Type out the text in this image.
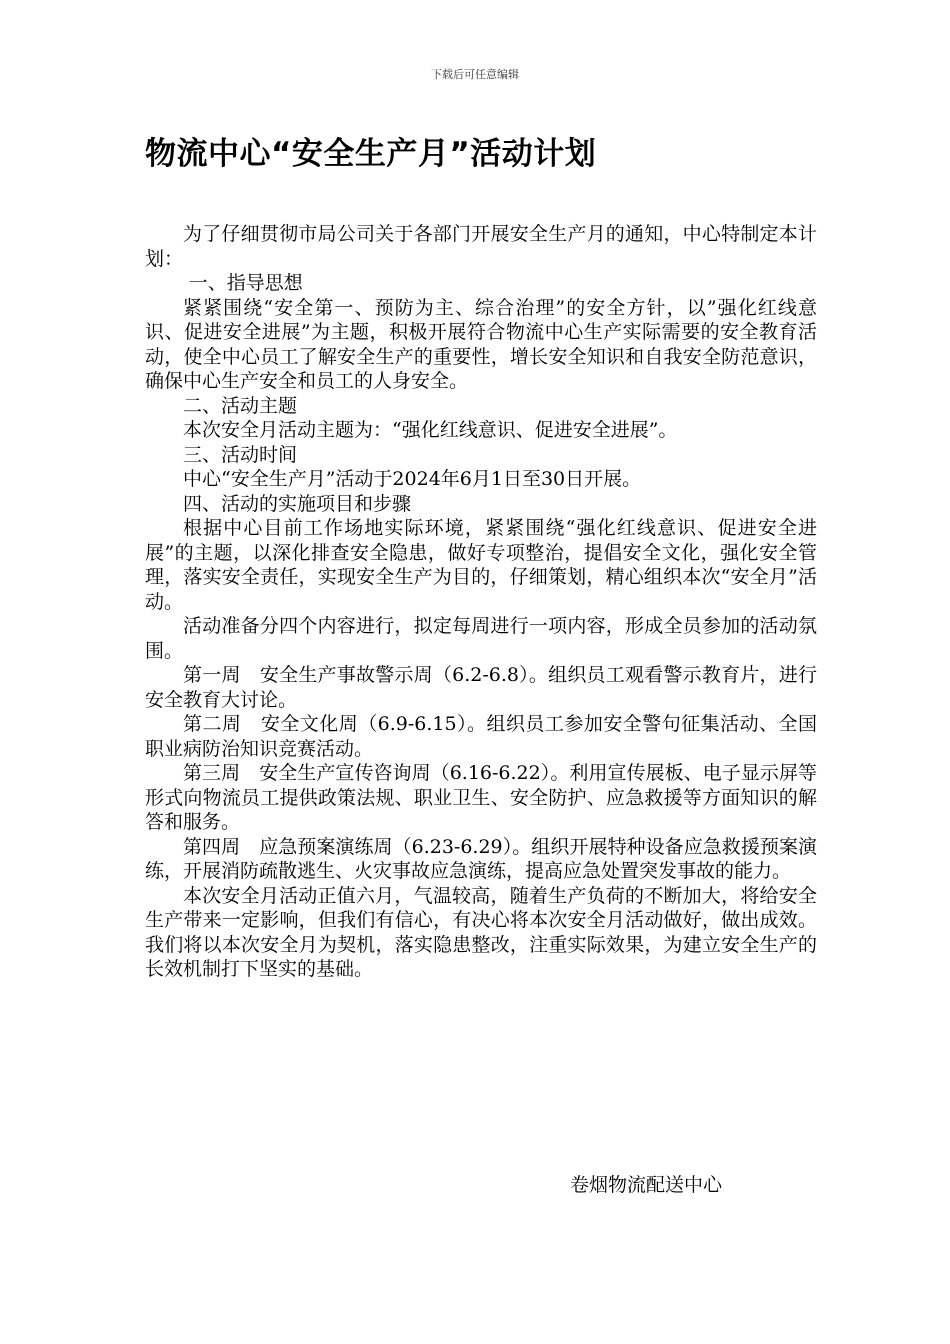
下载后可任意编辑
物流中心“安全生产月”活动计划

为了仔细贯彻市局公司关于各部门开展安全生产月的通知，中心特制定本计划：

一、指导思想

紧紧围绕“安全第一、预防为主、综合治理”的安全方针，以”强化红线意识、促进安全进展”为主题，积极开展符合物流中心生产实际需要的安全教育活动，使全中心员工了解安全生产的重要性，增长安全知识和自我安全防范意识，确保中心生产安全和员工的人身安全。

二、活动主题

本次安全月活动主题为：“强化红线意识、促进安全进展”。

三、活动时间

中心“安全生产月”活动于2024年6月1日至30日开展。

四、活动的实施项目和步骤

根据中心目前工作场地实际环境，紧紧围绕“强化红线意识、促进安全进展”的主题，以深化排查安全隐患，做好专项整治，提倡安全文化，强化安全管理，落实安全责任，实现安全生产为目的，仔细策划，精心组织本次“安全月”活动。

活动准备分四个内容进行，拟定每周进行一项内容，形成全员参加的活动氛围。

第一周　安全生产事故警示周（6.2-6.8）。组织员工观看警示教育片，进行安全教育大讨论。

第二周　安全文化周（6.9-6.15）。组织员工参加安全警句征集活动、全国职业病防治知识竞赛活动。

第三周　安全生产宣传咨询周（6.16-6.22）。利用宣传展板、电子显示屏等形式向物流员工提供政策法规、职业卫生、安全防护、应急救援等方面知识的解答和服务。

第四周　应急预案演练周（6.23-6.29）。组织开展特种设备应急救援预案演练，开展消防疏散逃生、火灾事故应急演练，提高应急处置突发事故的能力。

本次安全月活动正值六月，气温较高，随着生产负荷的不断加大，将给安全生产带来一定影响，但我们有信心，有决心将本次安全月活动做好，做出成效。我们将以本次安全月为契机，落实隐患整改，注重实际效果，为建立安全生产的长效机制打下坚实的基础。

卷烟物流配送中心
